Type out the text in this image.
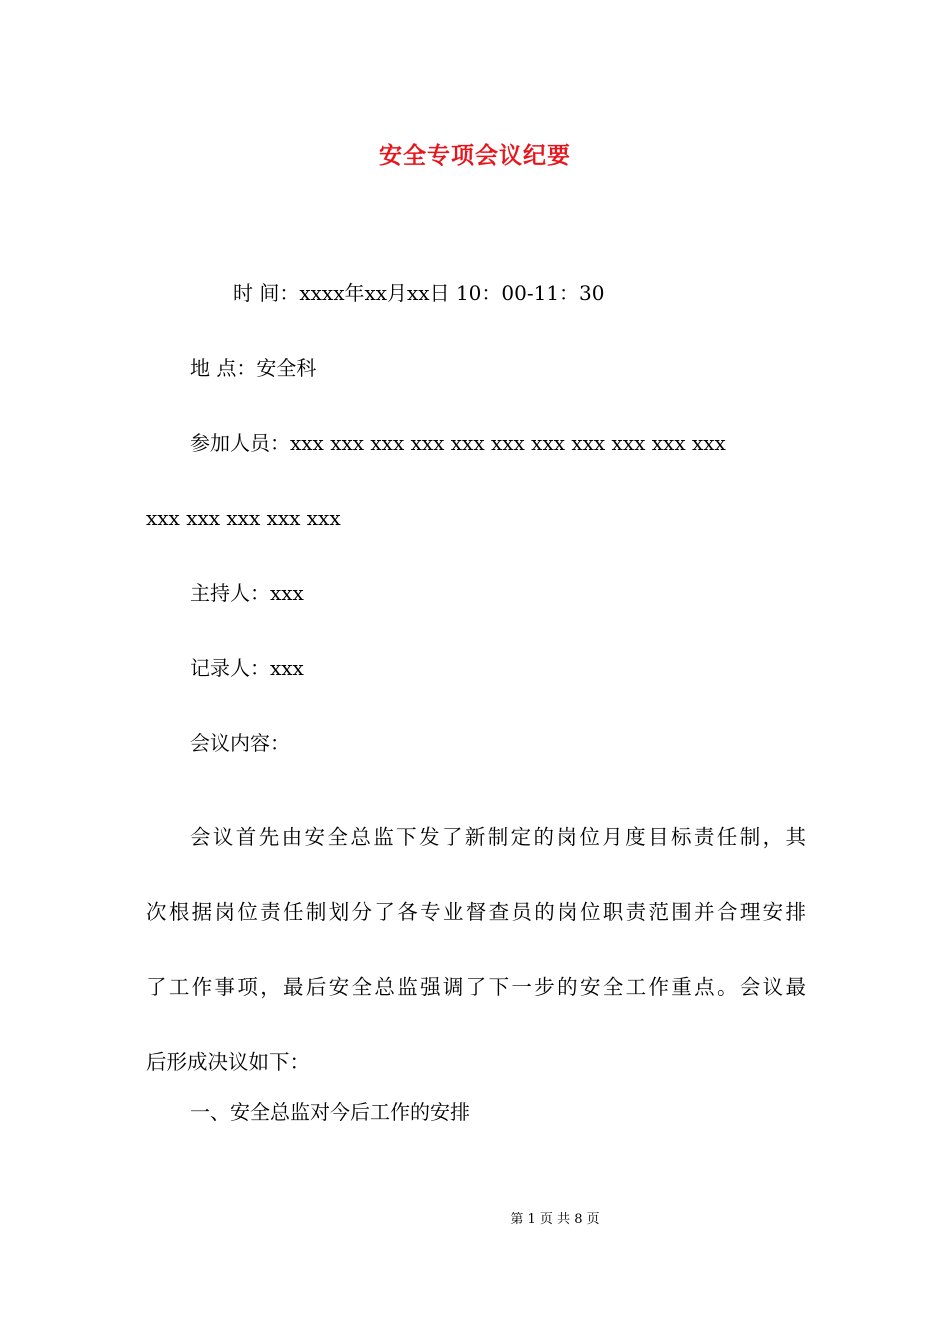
安全专项会议纪要
时 间：xxxx年xx月xx日 10：00-11：30
地 点：安全科
参加人员：xxx xxx xxx xxx xxx xxx xxx xxx xxx xxx xxx
xxx xxx xxx xxx xxx
主持人：xxx
记录人：xxx
会议内容：
会议首先由安全总监下发了新制定的岗位月度目标责任制，其
次根据岗位责任制划分了各专业督查员的岗位职责范围并合理安排
了工作事项，最后安全总监强调了下一步的安全工作重点。会议最
后形成决议如下：
一、安全总监对今后工作的安排
第 1 页 共 8 页
